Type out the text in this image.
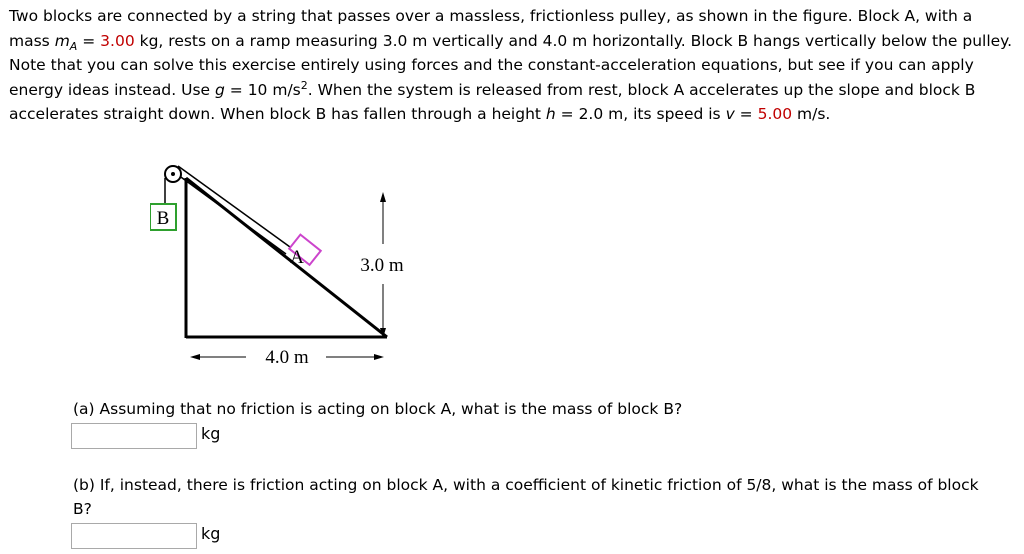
Two blocks are connected by a string that passes over a massless, frictionless pulley, as shown in the figure. Block A, with a mass $m_A = 3.00$ kg, rests on a ramp measuring 3.0 m vertically and 4.0 m horizontally. Block B hangs vertically below the pulley. Note that you can solve this exercise entirely using forces and the constant-acceleration equations, but see if you can apply energy ideas instead. Use g = 10 $m/s^2$. When the system is released from rest, block A accelerates up the slope and block B accelerates straight down. When block B has fallen through a height h = 2.0 m, its speed is v = 5.00 m/s.
B
A	3.0 m
4.0 m
(a) Assuming that no friction is acting on block A, what is the mass of block B?
kg
(b) If, instead, there is friction acting on block A, with a coefficient of kinetic friction of 5/8, what is the mass of block B?
kg
